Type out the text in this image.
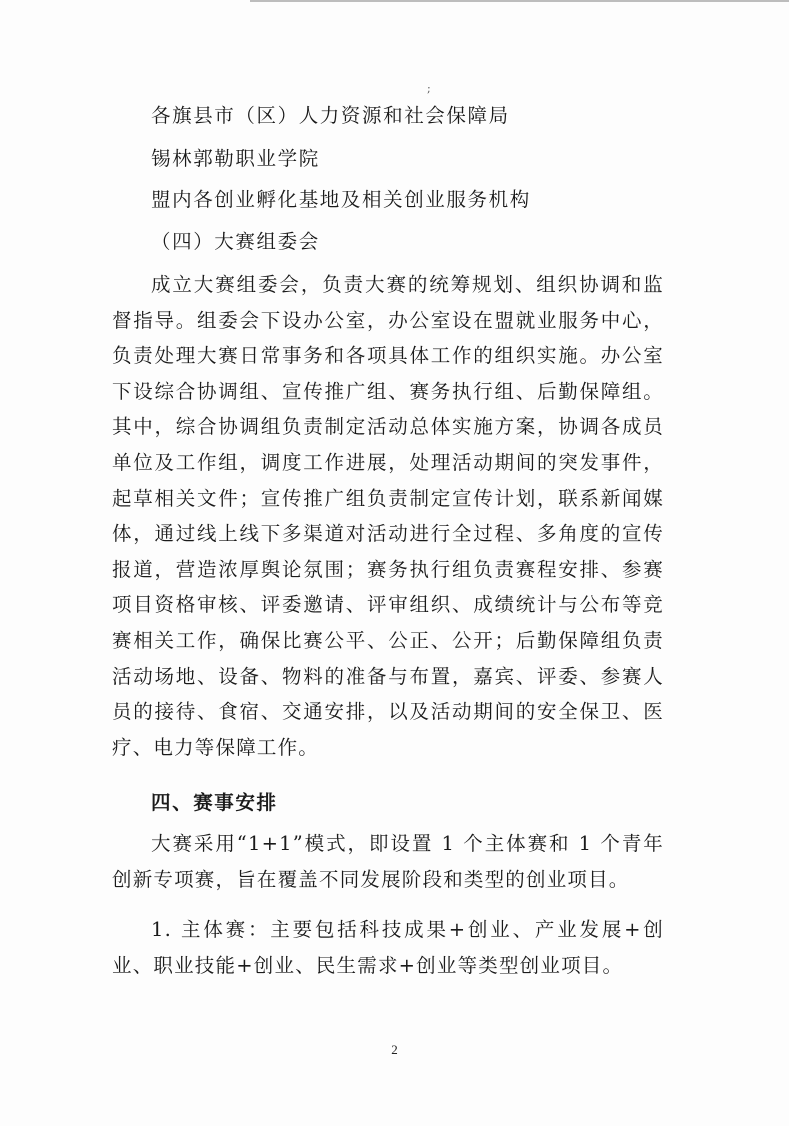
;
各旗县市（区）人力资源和社会保障局
锡林郭勒职业学院
盟内各创业孵化基地及相关创业服务机构
（四）大赛组委会

成立大赛组委会，负责大赛的统筹规划、组织协调和监督指导。组委会下设办公室，办公室设在盟就业服务中心，负责处理大赛日常事务和各项具体工作的组织实施。办公室下设综合协调组、宣传推广组、赛务执行组、后勤保障组。其中，综合协调组负责制定活动总体实施方案，协调各成员单位及工作组，调度工作进展，处理活动期间的突发事件，起草相关文件；宣传推广组负责制定宣传计划，联系新闻媒体，通过线上线下多渠道对活动进行全过程、多角度的宣传报道，营造浓厚舆论氛围；赛务执行组负责赛程安排、参赛项目资格审核、评委邀请、评审组织、成绩统计与公布等竞赛相关工作，确保比赛公平、公正、公开；后勤保障组负责活动场地、设备、物料的准备与布置，嘉宾、评委、参赛人员的接待、食宿、交通安排，以及活动期间的安全保卫、医疗、电力等保障工作。

四、赛事安排

大赛采用“1+1”模式，即设置 1 个主体赛和 1 个青年创新专项赛，旨在覆盖不同发展阶段和类型的创业项目。

1. 主体赛：主要包括科技成果+创业、产业发展+创业、职业技能+创业、民生需求+创业等类型创业项目。

2
